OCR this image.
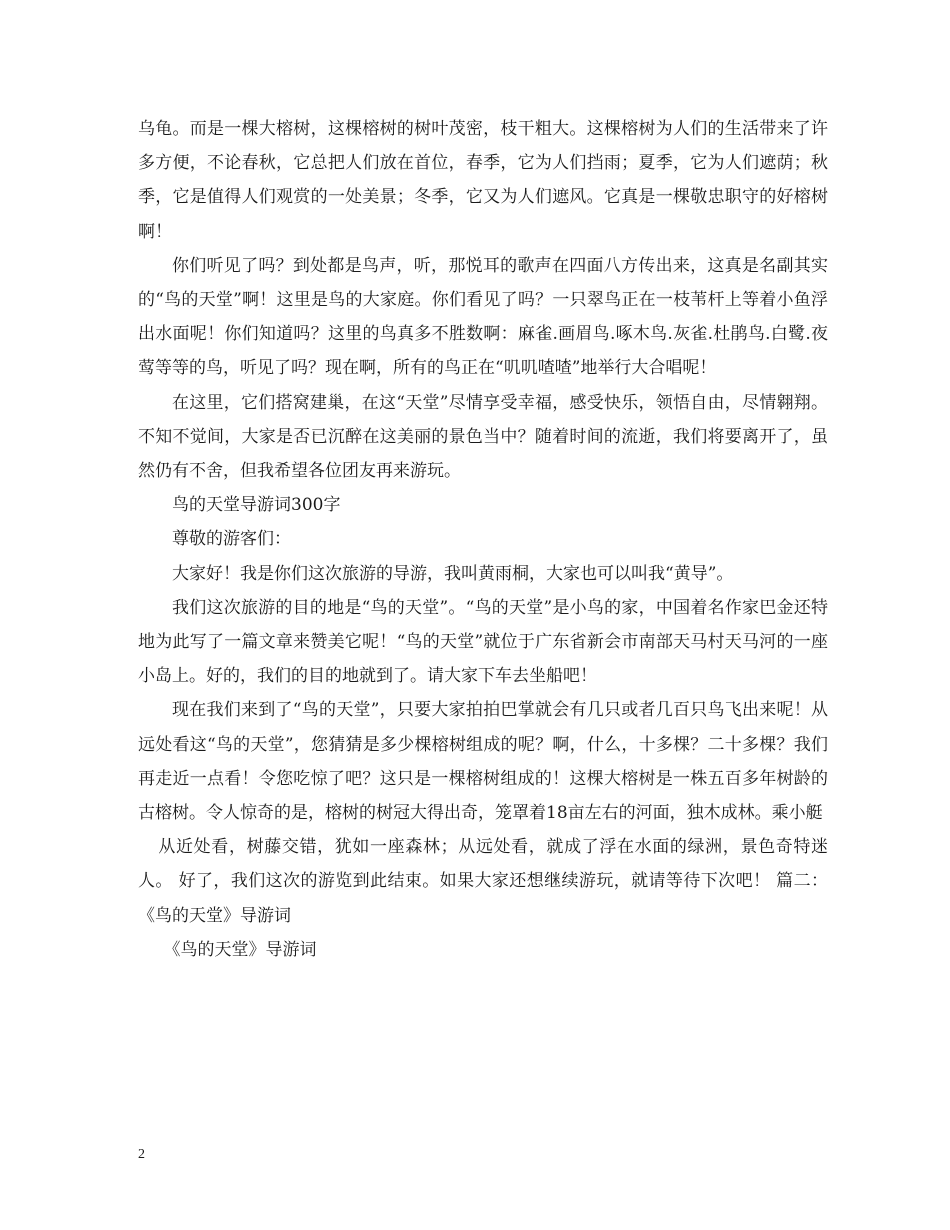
乌龟。而是一棵大榕树，这棵榕树的树叶茂密，枝干粗大。这棵榕树为人们的生活带来了许多方便，不论春秋，它总把人们放在首位，春季，它为人们挡雨；夏季，它为人们遮荫；秋季，它是值得人们观赏的一处美景；冬季，它又为人们遮风。它真是一棵敬忠职守的好榕树啊！

你们听见了吗？到处都是鸟声，听，那悦耳的歌声在四面八方传出来，这真是名副其实的“鸟的天堂”啊！这里是鸟的大家庭。你们看见了吗？一只翠鸟正在一枝苇杆上等着小鱼浮出水面呢！你们知道吗？这里的鸟真多不胜数啊：麻雀.画眉鸟.啄木鸟.灰雀.杜鹃鸟.白鹭.夜莺等等的鸟，听见了吗？现在啊，所有的鸟正在“叽叽喳喳”地举行大合唱呢！

在这里，它们搭窝建巢，在这“天堂”尽情享受幸福，感受快乐，领悟自由，尽情翱翔。 不知不觉间，大家是否已沉醉在这美丽的景色当中？随着时间的流逝，我们将要离开了，虽然仍有不舍，但我希望各位团友再来游玩。

鸟的天堂导游词300字

尊敬的游客们：

大家好！我是你们这次旅游的导游，我叫黄雨桐，大家也可以叫我“黄导”。

我们这次旅游的目的地是“鸟的天堂”。“鸟的天堂”是小鸟的家，中国着名作家巴金还特地为此写了一篇文章来赞美它呢！“鸟的天堂”就位于广东省新会市南部天马村天马河的一座小岛上。好的，我们的目的地就到了。请大家下车去坐船吧！

现在我们来到了“鸟的天堂”，只要大家拍拍巴掌就会有几只或者几百只鸟飞出来呢！从远处看这“鸟的天堂”，您猜猜是多少棵榕树组成的呢？啊，什么，十多棵？二十多棵？我们再走近一点看！令您吃惊了吧？这只是一棵榕树组成的！这棵大榕树是一株五百多年树龄的古榕树。令人惊奇的是，榕树的树冠大得出奇，笼罩着18亩左右的河面，独木成林。乘小艇

从近处看，树藤交错，犹如一座森林；从远处看，就成了浮在水面的绿洲，景色奇特迷人。 好了，我们这次的游览到此结束。如果大家还想继续游玩，就请等待下次吧！ 篇二：《鸟的天堂》导游词

《鸟的天堂》导游词

2
